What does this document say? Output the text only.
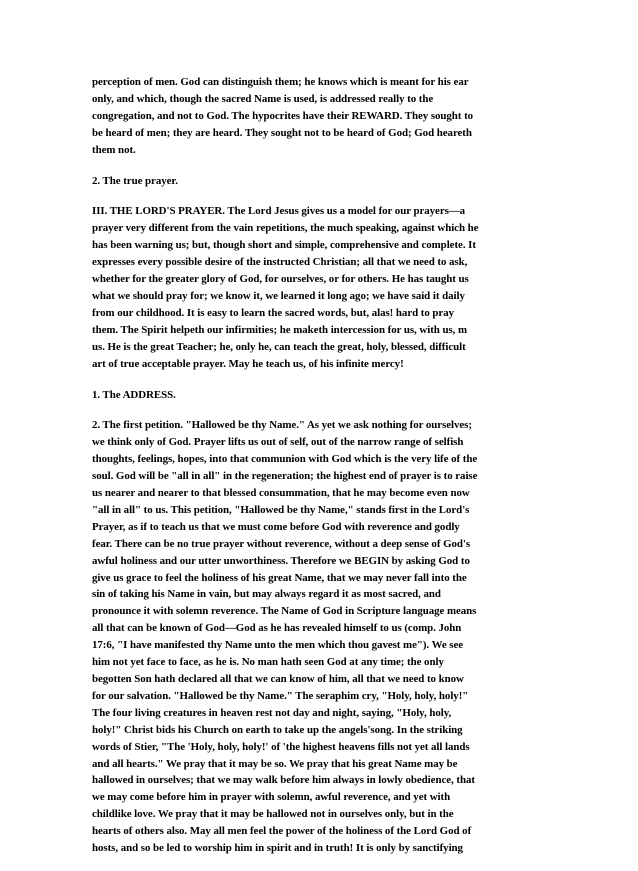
perception of men. God can distinguish them; he knows which is meant for his ear
only, and which, though the sacred Name is used, is addressed really to the
congregation, and not to God. The hypocrites have their REWARD. They sought to
be heard of men; they are heard. They sought not to be heard of God; God heareth
them not.
2. The true prayer.
III. THE LORD'S PRAYER. The Lord Jesus gives us a model for our prayers—a
prayer very different from the vain repetitions, the much speaking, against which he
has been warning us; but, though short and simple, comprehensive and complete. It
expresses every possible desire of the instructed Christian; all that we need to ask,
whether for the greater glory of God, for ourselves, or for others. He has taught us
what we should pray for; we know it, we learned it long ago; we have said it daily
from our childhood. It is easy to learn the sacred words, but, alas! hard to pray
them. The Spirit helpeth our infirmities; he maketh intercession for us, with us, m
us. He is the great Teacher; he, only he, can teach the great, holy, blessed, difficult
art of true acceptable prayer. May he teach us, of his infinite mercy!
1. The ADDRESS.
2. The first petition. "Hallowed be thy Name." As yet we ask nothing for ourselves;
we think only of God. Prayer lifts us out of self, out of the narrow range of selfish
thoughts, feelings, hopes, into that communion with God which is the very life of the
soul. God will be "all in all" in the regeneration; the highest end of prayer is to raise
us nearer and nearer to that blessed consummation, that he may become even now
"all in all" to us. This petition, "Hallowed be thy Name," stands first in the Lord's
Prayer, as if to teach us that we must come before God with reverence and godly
fear. There can be no true prayer without reverence, without a deep sense of God's
awful holiness and our utter unworthiness. Therefore we BEGIN by asking God to
give us grace to feel the holiness of his great Name, that we may never fall into the
sin of taking his Name in vain, but may always regard it as most sacred, and
pronounce it with solemn reverence. The Name of God in Scripture language means
all that can be known of God—God as he has revealed himself to us (comp. John
17:6, "I have manifested thy Name unto the men which thou gavest me"). We see
him not yet face to face, as he is. No man hath seen God at any time; the only
begotten Son hath declared all that we can know of him, all that we need to know
for our salvation. "Hallowed be thy Name." The seraphim cry, "Holy, holy, holy!"
The four living creatures in heaven rest not day and night, saying, "Holy, holy,
holy!" Christ bids his Church on earth to take up the angels'song. In the striking
words of Stier, "The 'Holy, holy, holy!' of 'the highest heavens fills not yet all lands
and all hearts." We pray that it may be so. We pray that his great Name may be
hallowed in ourselves; that we may walk before him always in lowly obedience, that
we may come before him in prayer with solemn, awful reverence, and yet with
childlike love. We pray that it may be hallowed not in ourselves only, but in the
hearts of others also. May all men feel the power of the holiness of the Lord God of
hosts, and so be led to worship him in spirit and in truth! It is only by sanctifying
